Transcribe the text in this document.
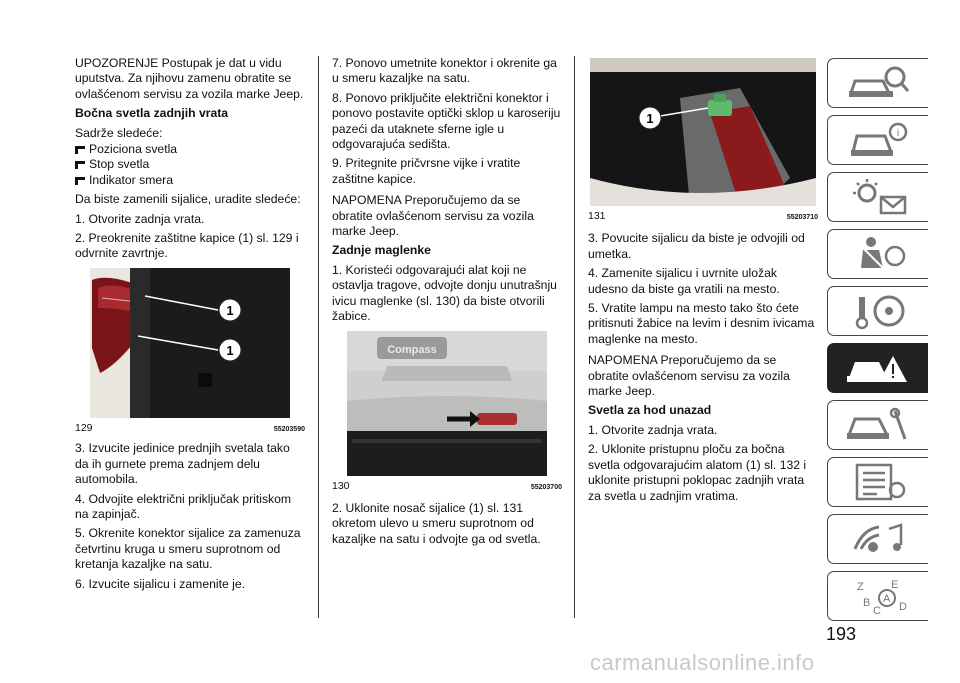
UPOZORENJE Postupak je dat u vidu uputstva. Za njihovu zamenu obratite se ovlašćenom servisu za vozila marke Jeep.

Bočna svetla zadnjih vrata

Sadrže sledeće:

Poziciona svetla
Stop svetla
Indikator smera

Da biste zamenili sijalice, uradite sledeće:

1. Otvorite zadnja vrata.

2. Preokrenite zaštitne kapice (1) sl. 129 i odvrnite zavrtnje.

1
1
129	55203590

3. Izvucite jedinice prednjih svetala tako da ih gurnete prema zadnjem delu automobila.

4. Odvojite električni priključak pritiskom na zapinjač.

5. Okrenite konektor sijalice za zamenuza četvrtinu kruga u smeru suprotnom od kretanja kazaljke na satu.

6. Izvucite sijalicu i zamenite je.

7. Ponovo umetnite konektor i okrenite ga u smeru kazaljke na satu.

8. Ponovo priključite električni konektor i ponovo postavite optički sklop u karoseriju pazeći da utaknete sferne igle u odgovarajuća sedišta.

9. Pritegnite pričvrsne vijke i vratite zaštitne kapice.

NAPOMENA Preporučujemo da se obratite ovlašćenom servisu za vozila marke Jeep.

Zadnje maglenke

1. Koristeći odgovarajući alat koji ne ostavlja tragove, odvojte donju unutrašnju ivicu maglenke (sl. 130) da biste otvorili žabice.

Compass
130	55203700

2. Uklonite nosač sijalice (1) sl. 131 okretom ulevo u smeru suprotnom od kazaljke na satu i odvojte ga od svetla.

1
131	55203710

3. Povucite sijalicu da biste je odvojili od umetka.

4. Zamenite sijalicu i uvrnite uložak udesno da biste ga vratili na mesto.

5. Vratite lampu na mesto tako što ćete pritisnuti žabice na levim i desnim ivicama maglenke na mesto.

NAPOMENA Preporučujemo da se obratite ovlašćenom servisu za vozila marke Jeep.

Svetla za hod unazad

1. Otvorite zadnja vrata.

2. Uklonite pristupnu ploču za bočna svetla odgovarajućim alatom (1) sl. 132 i uklonite pristupni poklopac zadnjih vrata za svetla u zadnjim vratima.

i
Z E
B A
C D
193
carmanualsonline.info
